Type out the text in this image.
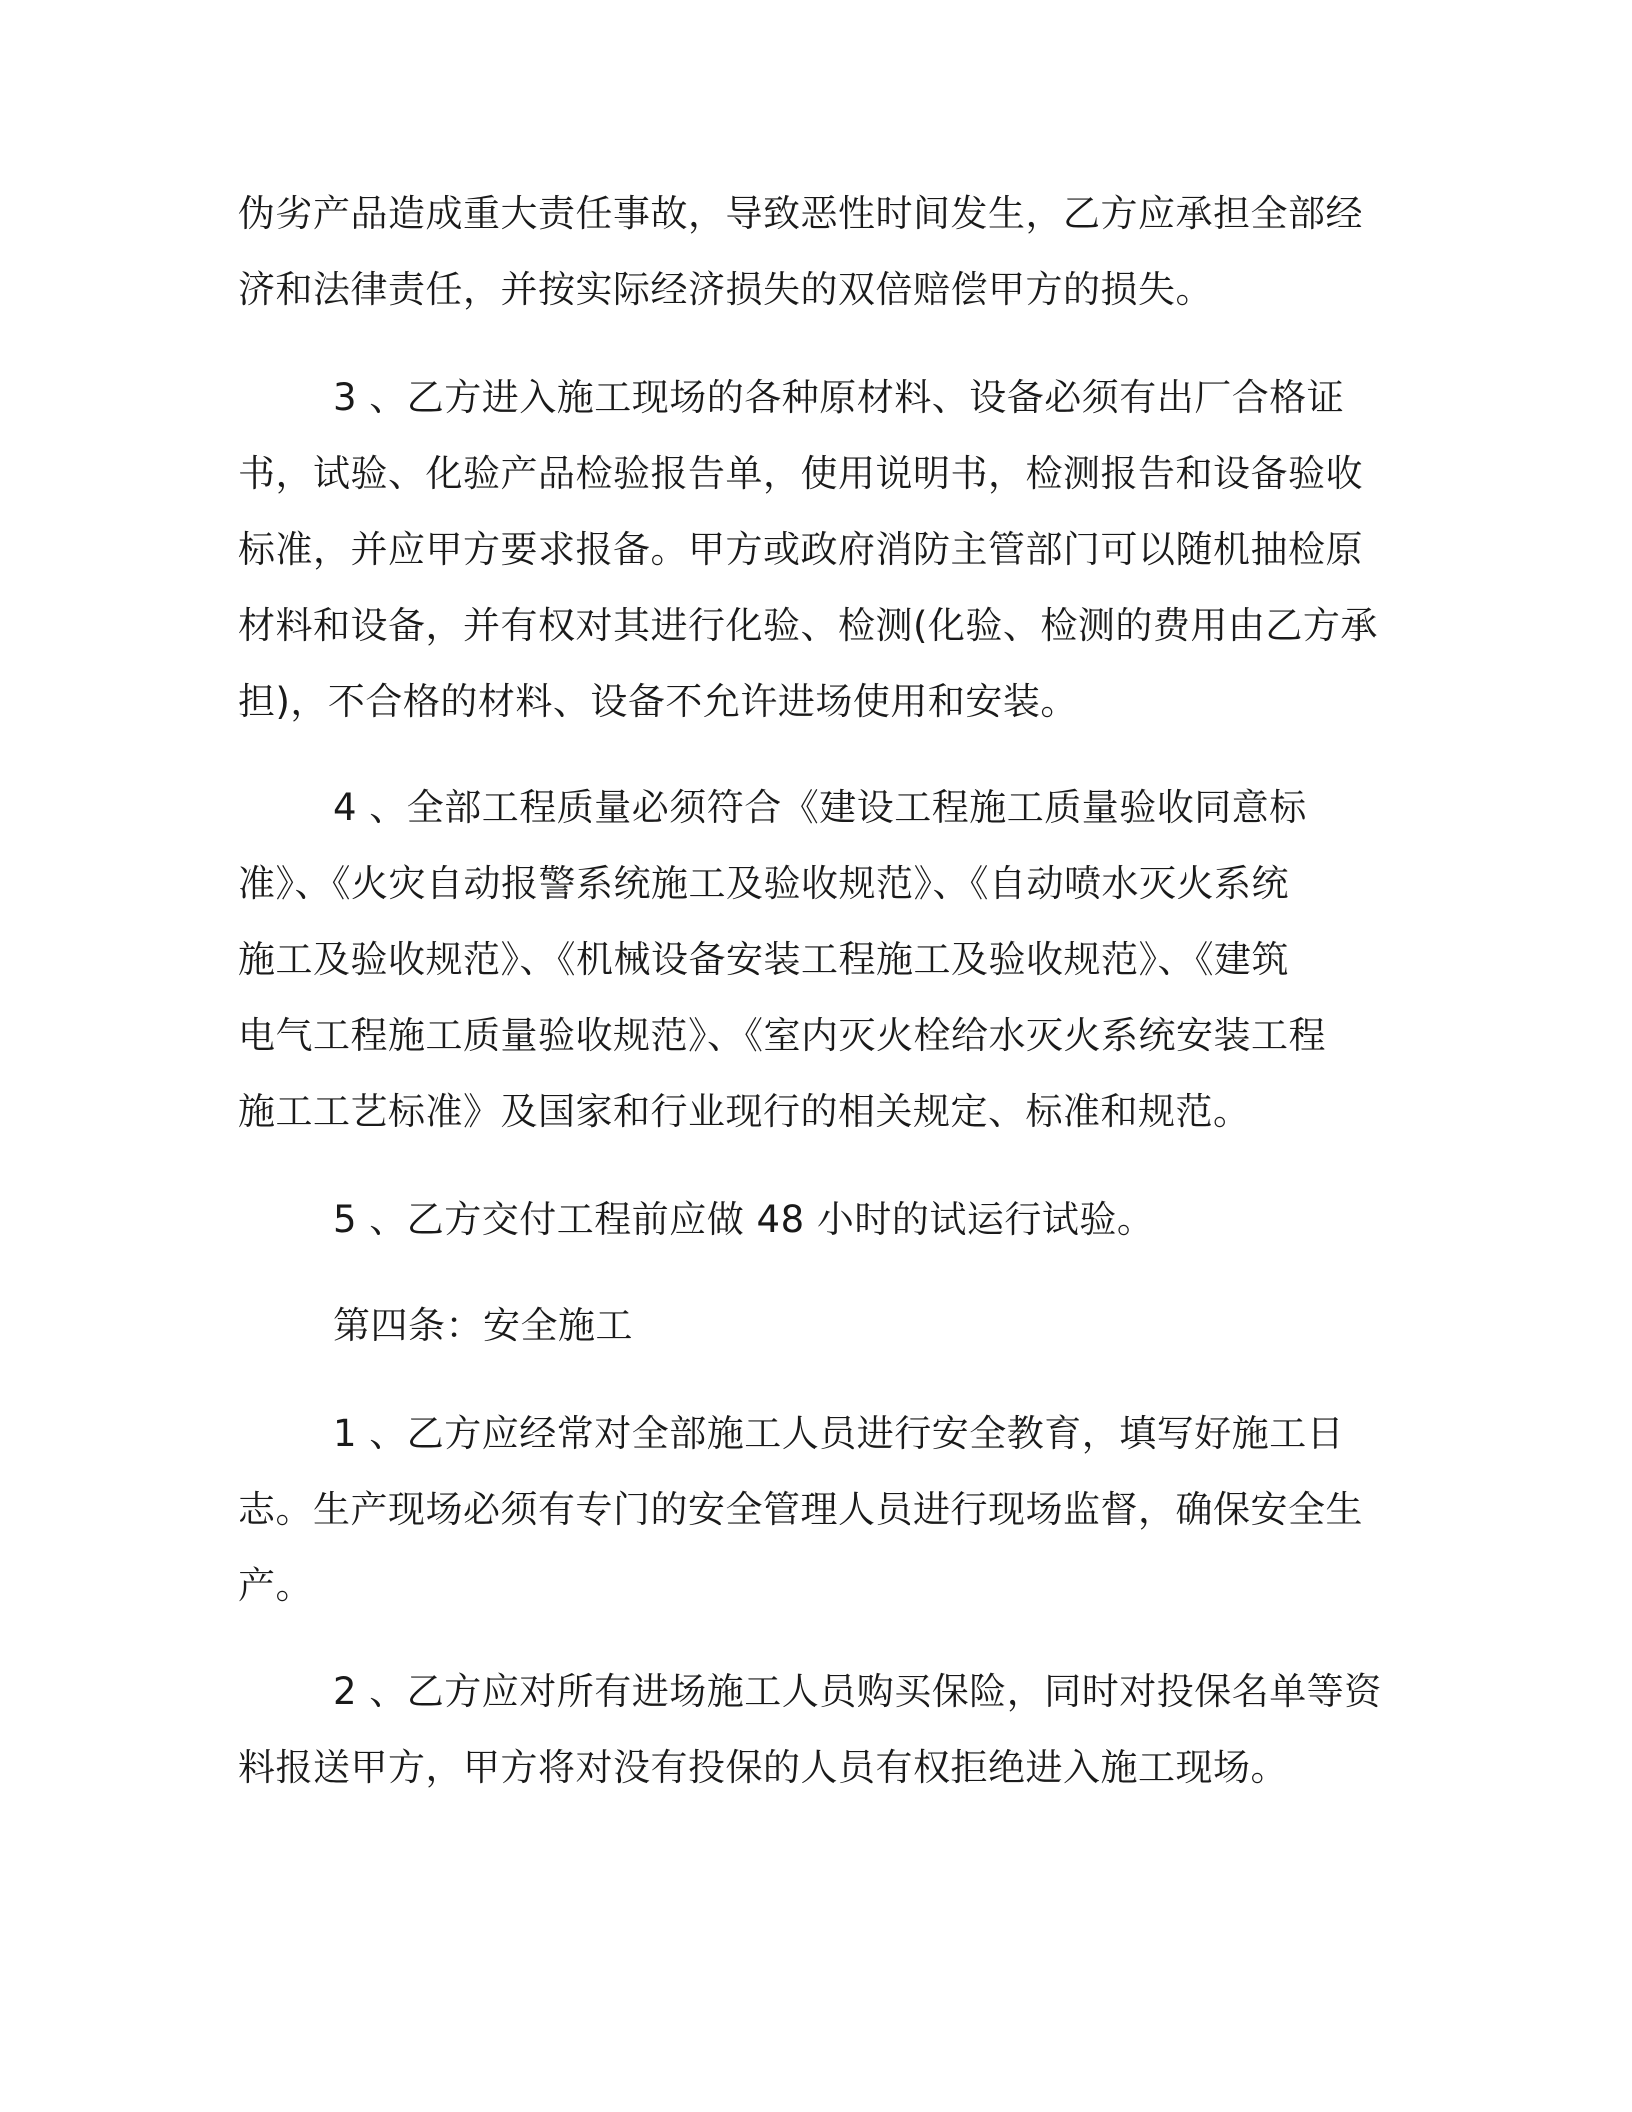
伪劣产品造成重大责任事故，导致恶性时间发生，乙方应承担全部经
济和法律责任，并按实际经济损失的双倍赔偿甲方的损失。
3 、乙方进入施工现场的各种原材料、设备必须有出厂合格证
书，试验、化验产品检验报告单，使用说明书，检测报告和设备验收
标准，并应甲方要求报备。甲方或政府消防主管部门可以随机抽检原
材料和设备，并有权对其进行化验、检测(化验、检测的费用由乙方承
担)，不合格的材料、设备不允许进场使用和安装。
4 、全部工程质量必须符合《建设工程施工质量验收同意标
准》、《火灾自动报警系统施工及验收规范》、《自动喷水灭火系统
施工及验收规范》、《机械设备安装工程施工及验收规范》、《建筑
电气工程施工质量验收规范》、《室内灭火栓给水灭火系统安装工程
施工工艺标准》及国家和行业现行的相关规定、标准和规范。
5 、乙方交付工程前应做 48 小时的试运行试验。
第四条：安全施工
1 、乙方应经常对全部施工人员进行安全教育，填写好施工日
志。生产现场必须有专门的安全管理人员进行现场监督，确保安全生
产。
2 、乙方应对所有进场施工人员购买保险，同时对投保名单等资
料报送甲方，甲方将对没有投保的人员有权拒绝进入施工现场。
